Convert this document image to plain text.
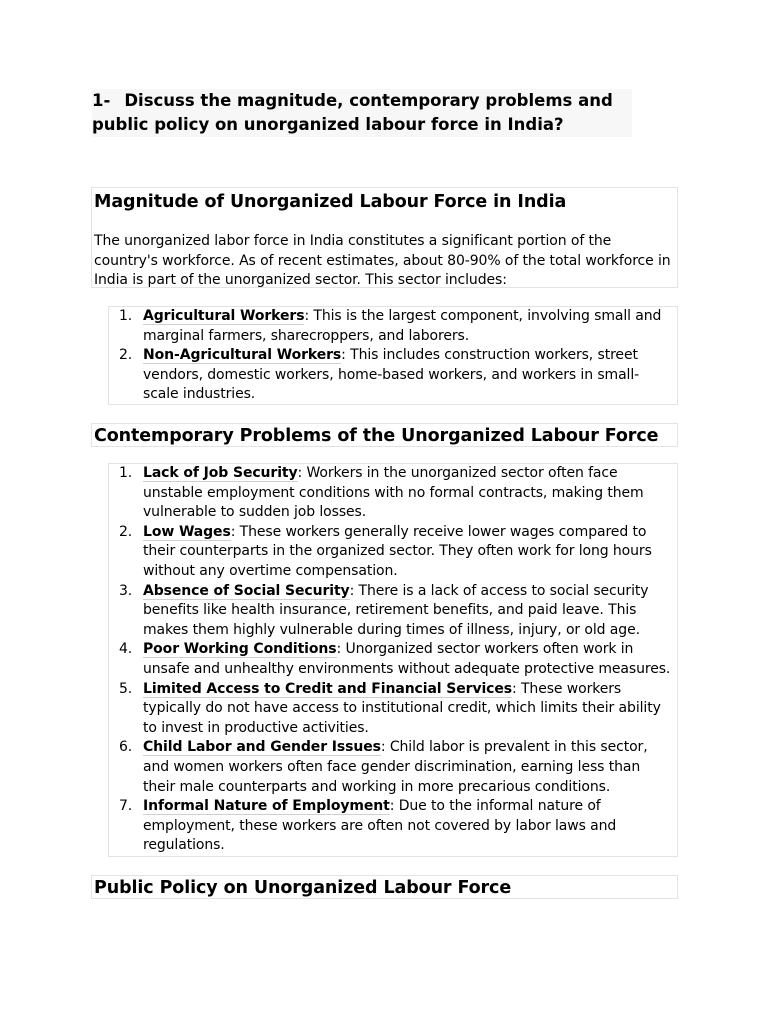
1- Discuss the magnitude, contemporary problems and public policy on unorganized labour force in India?
Magnitude of Unorganized Labour Force in India
The unorganized labor force in India constitutes a significant portion of the country's workforce. As of recent estimates, about 80-90% of the total workforce in India is part of the unorganized sector. This sector includes:
1. Agricultural Workers: This is the largest component, involving small and marginal farmers, sharecroppers, and laborers.
2. Non-Agricultural Workers: This includes construction workers, street vendors, domestic workers, home-based workers, and workers in small-scale industries.
Contemporary Problems of the Unorganized Labour Force
1. Lack of Job Security: Workers in the unorganized sector often face unstable employment conditions with no formal contracts, making them vulnerable to sudden job losses.
2. Low Wages: These workers generally receive lower wages compared to their counterparts in the organized sector. They often work for long hours without any overtime compensation.
3. Absence of Social Security: There is a lack of access to social security benefits like health insurance, retirement benefits, and paid leave. This makes them highly vulnerable during times of illness, injury, or old age.
4. Poor Working Conditions: Unorganized sector workers often work in unsafe and unhealthy environments without adequate protective measures.
5. Limited Access to Credit and Financial Services: These workers typically do not have access to institutional credit, which limits their ability to invest in productive activities.
6. Child Labor and Gender Issues: Child labor is prevalent in this sector, and women workers often face gender discrimination, earning less than their male counterparts and working in more precarious conditions.
7. Informal Nature of Employment: Due to the informal nature of employment, these workers are often not covered by labor laws and regulations.
Public Policy on Unorganized Labour Force
